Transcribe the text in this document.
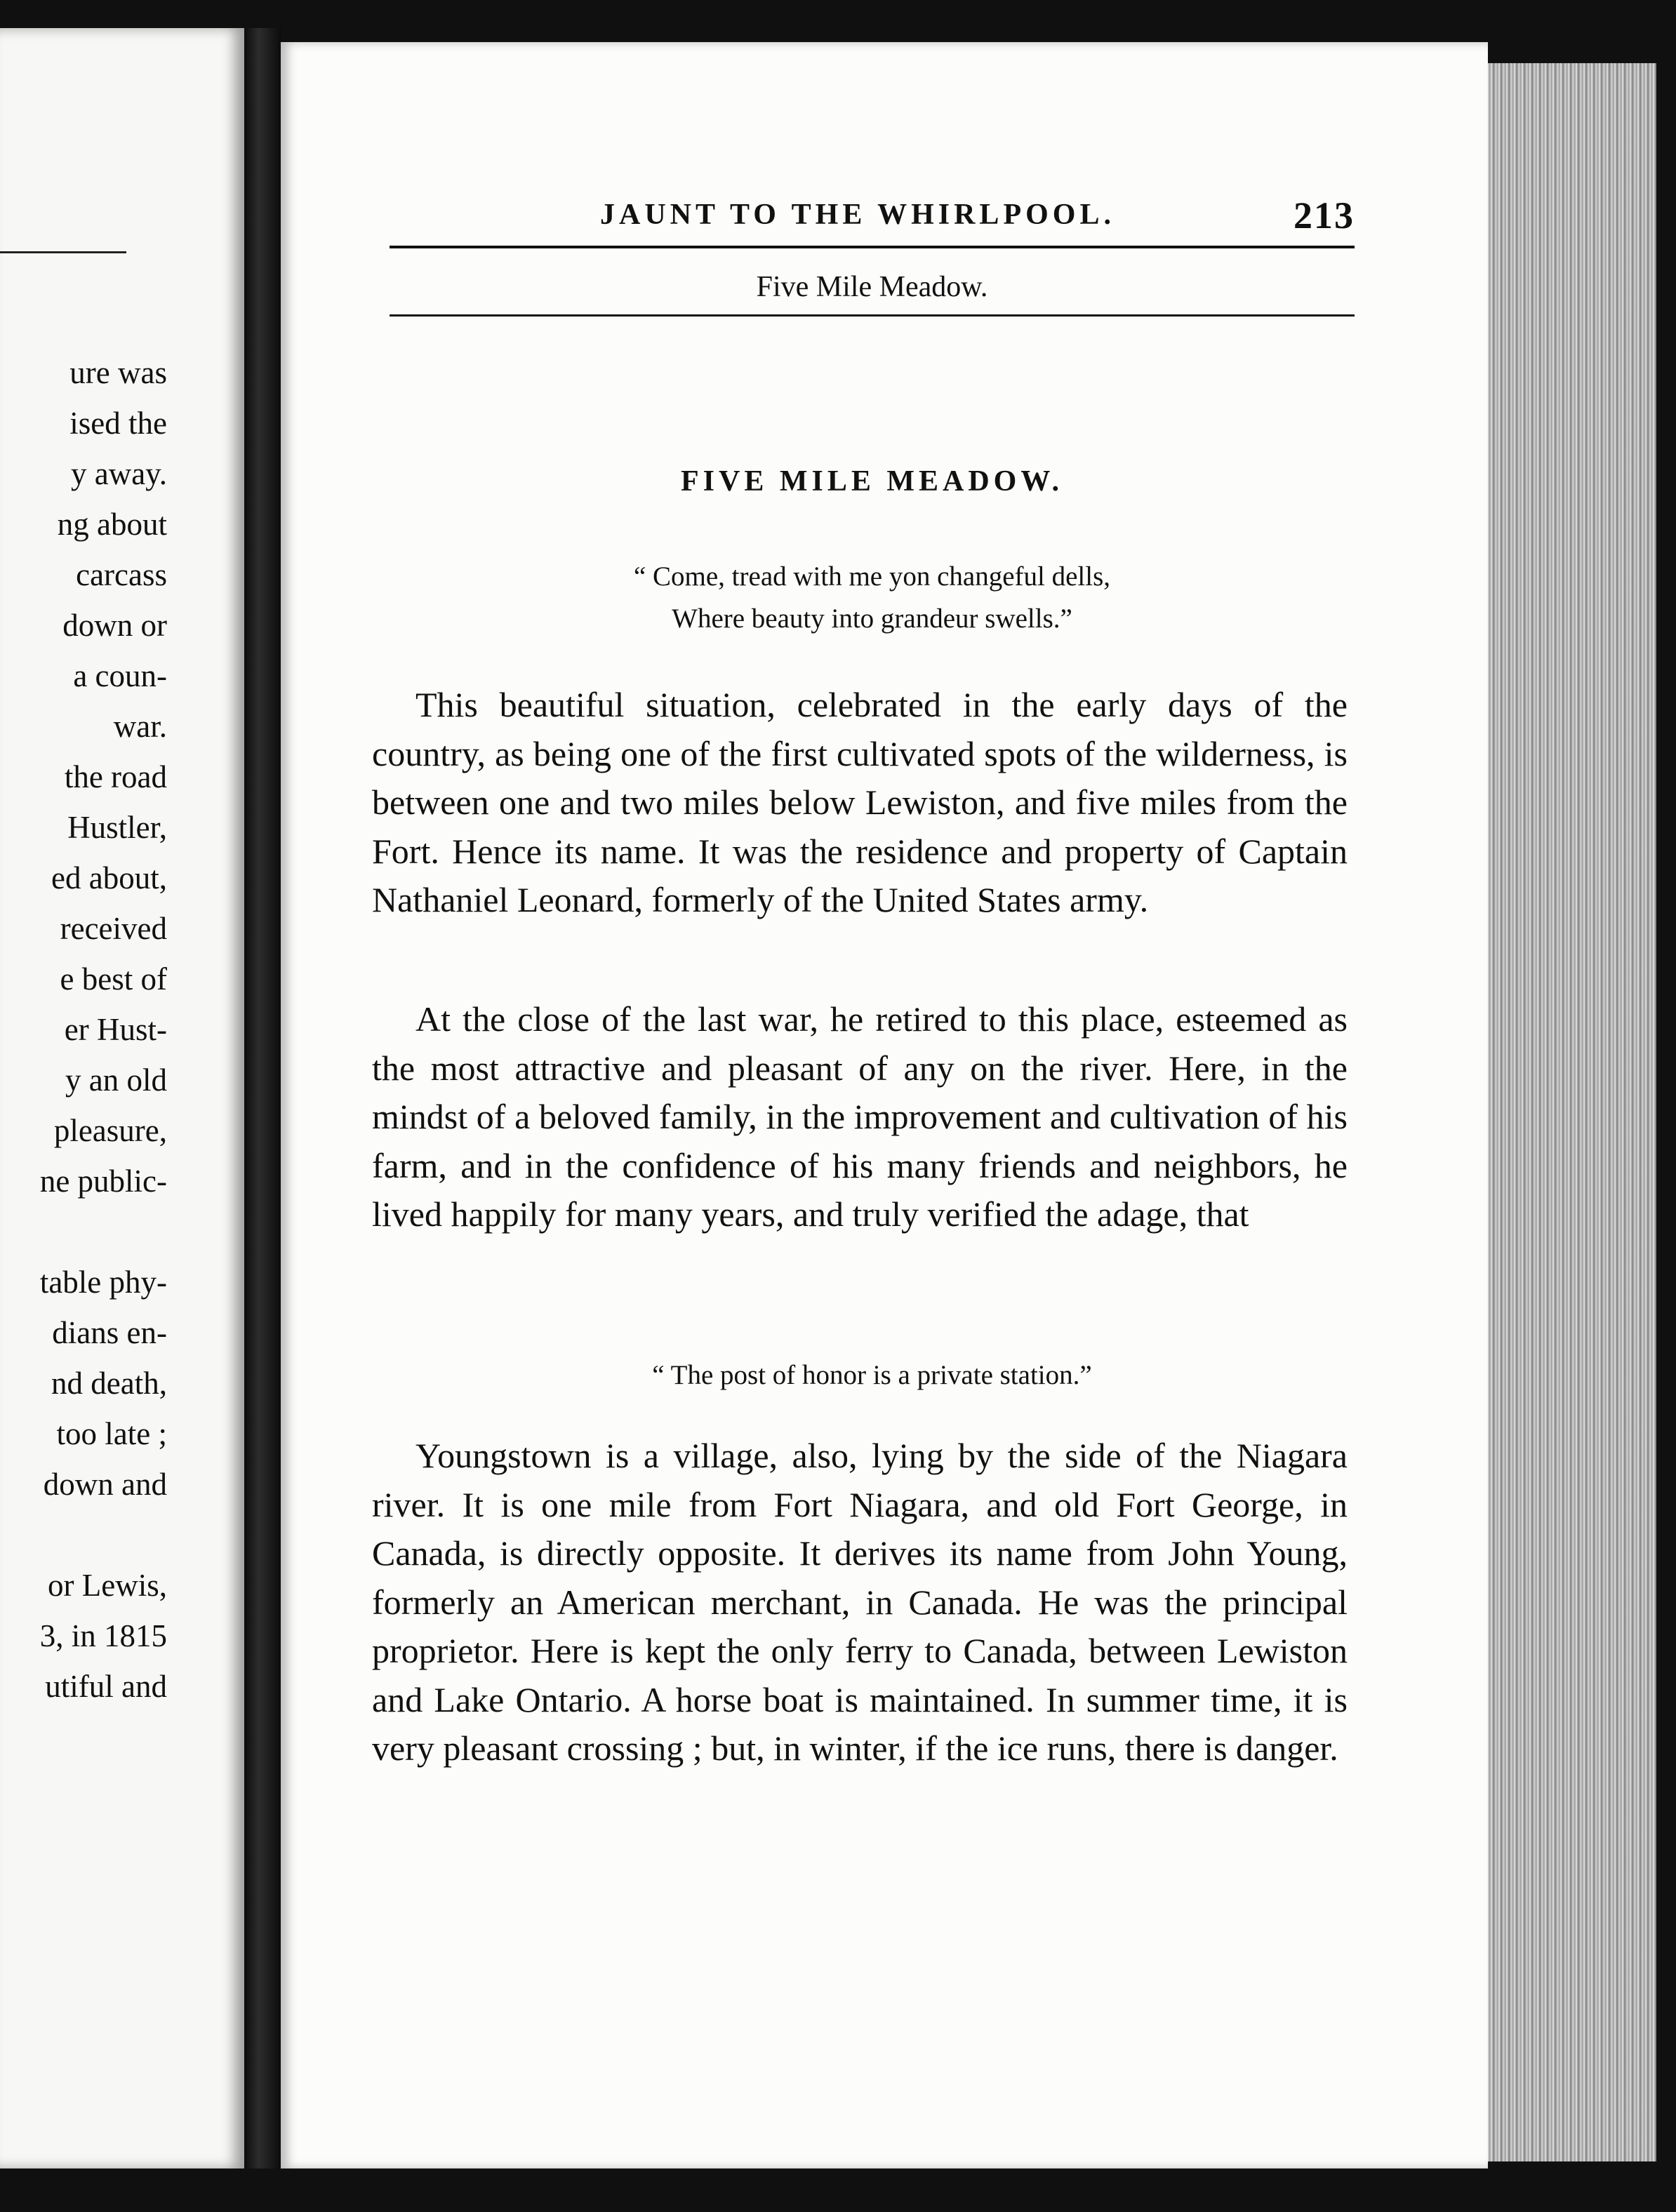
ure was
ised the
y away.
ng about
carcass
down or
a coun-
war.
the road
Hustler,
ed about,
received
e best of
er Hust-
y an old
pleasure,
ne public-
table phy-
dians en-
nd death,
too late ;
down and
or Lewis,
3, in 1815
utiful and
JAUNT TO THE WHIRLPOOL.	213
Five Mile Meadow.
FIVE MILE MEADOW.
“ Come, tread with me yon changeful dells,
Where beauty into grandeur swells.”

This beautiful situation, celebrated in the early days of the country, as being one of the first cultivated spots of the wilderness, is between one and two miles below Lewiston, and five miles from the Fort. Hence its name. It was the residence and property of Captain Nathaniel Leonard, formerly of the United States army.

At the close of the last war, he retired to this place, esteemed as the most attractive and pleasant of any on the river. Here, in the mindst of a beloved family, in the improvement and cultivation of his farm, and in the confidence of his many friends and neighbors, he lived happily for many years, and truly verified the adage, that

“ The post of honor is a private station.”

Youngstown is a village, also, lying by the side of the Niagara river. It is one mile from Fort Niagara, and old Fort George, in Canada, is directly opposite. It derives its name from John Young, formerly an American merchant, in Canada. He was the principal proprietor. Here is kept the only ferry to Canada, between Lewiston and Lake Ontario. A horse boat is maintained. In summer time, it is very pleasant crossing ; but, in winter, if the ice runs, there is danger.
